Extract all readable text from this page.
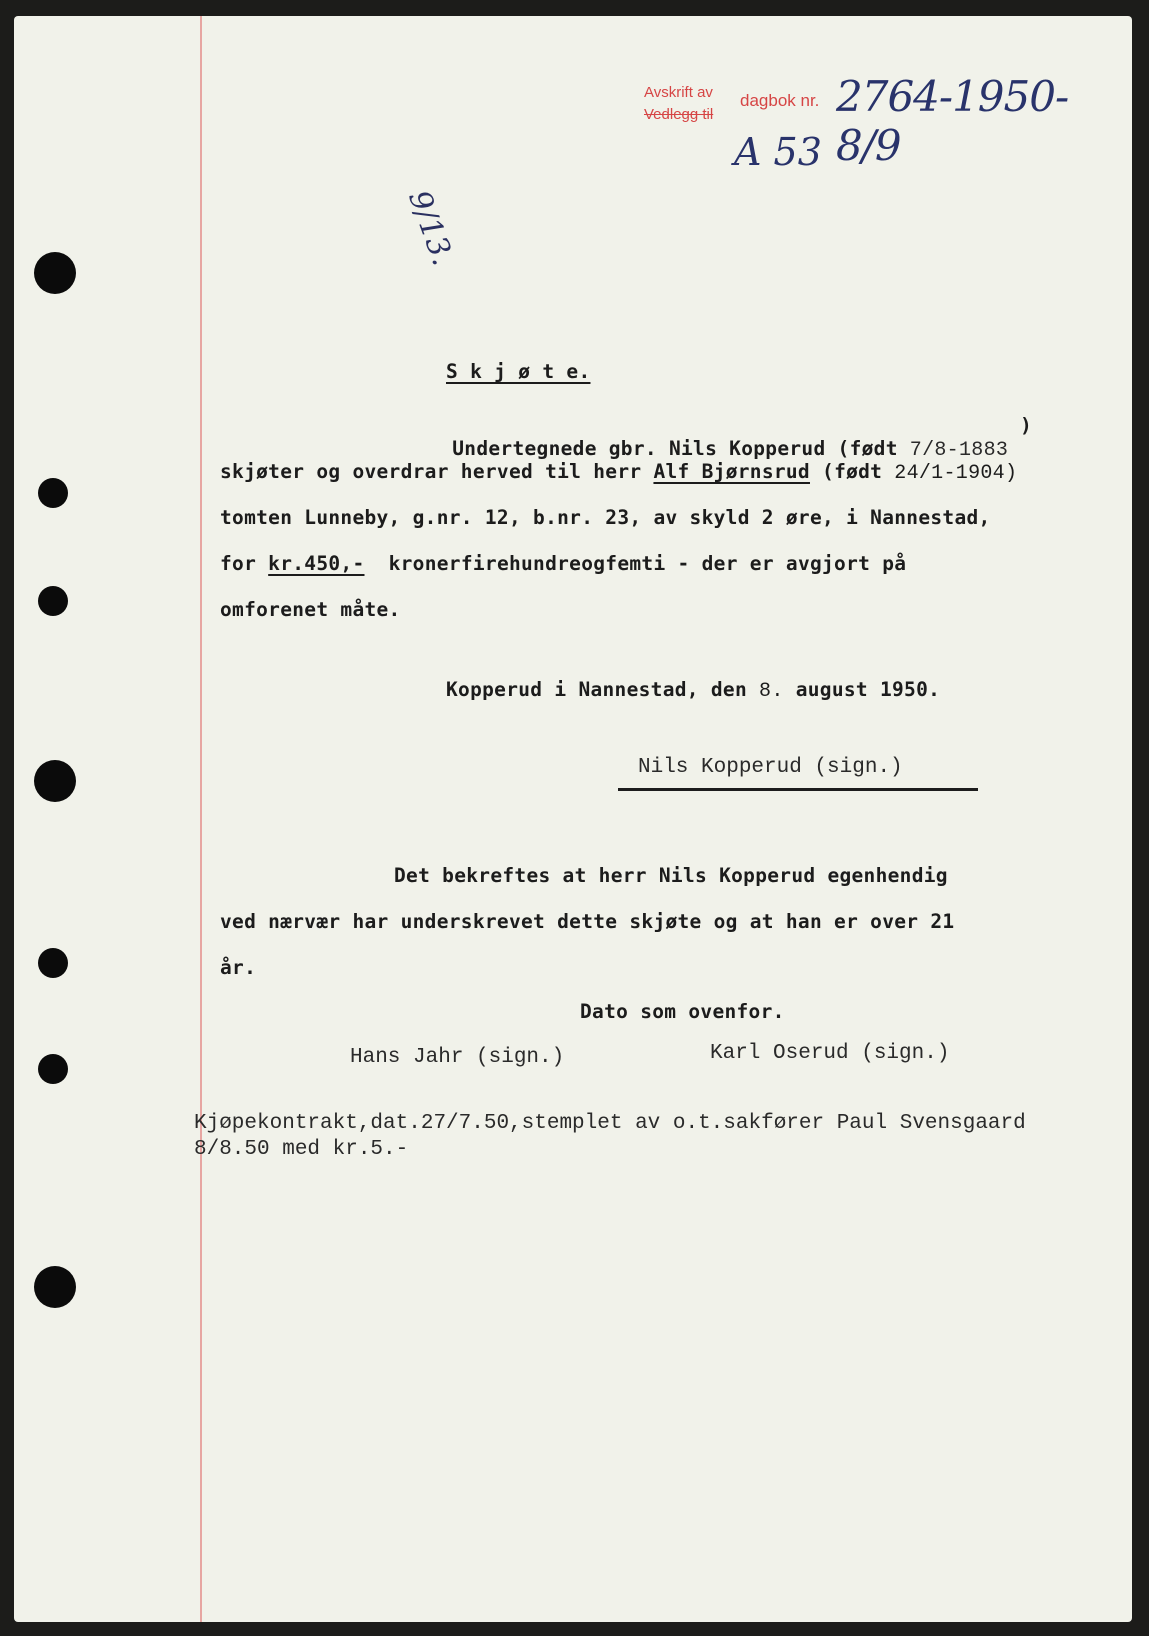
Avskrift av
Vedlegg til
dagbok nr. 2764-1950-8/9
A 53
9/13.
S k j ø t e.

Undertegnede gbr. Nils Kopperud (født 7/8-1883

)
skjøter og overdrar herved til herr Alf Bjørnsrud (født 24/1-1904)
tomten Lunneby, g.nr. 12, b.nr. 23, av skyld 2 øre, i Nannestad,
for kr.450,-  kronerfirehundreogfemti - der er avgjort på
omforenet måte.
Kopperud i Nannestad, den 8. august 1950.
Nils Kopperud (sign.)
Det bekreftes at herr Nils Kopperud egenhendig
ved nærvær har underskrevet dette skjøte og at han er over 21
år.
Dato som ovenfor.
Hans Jahr (sign.)	Karl Oserud (sign.)
Kjøpekontrakt,dat.27/7.50,stemplet av o.t.sakfører Paul Svensgaard
8/8.50 med kr.5.-
